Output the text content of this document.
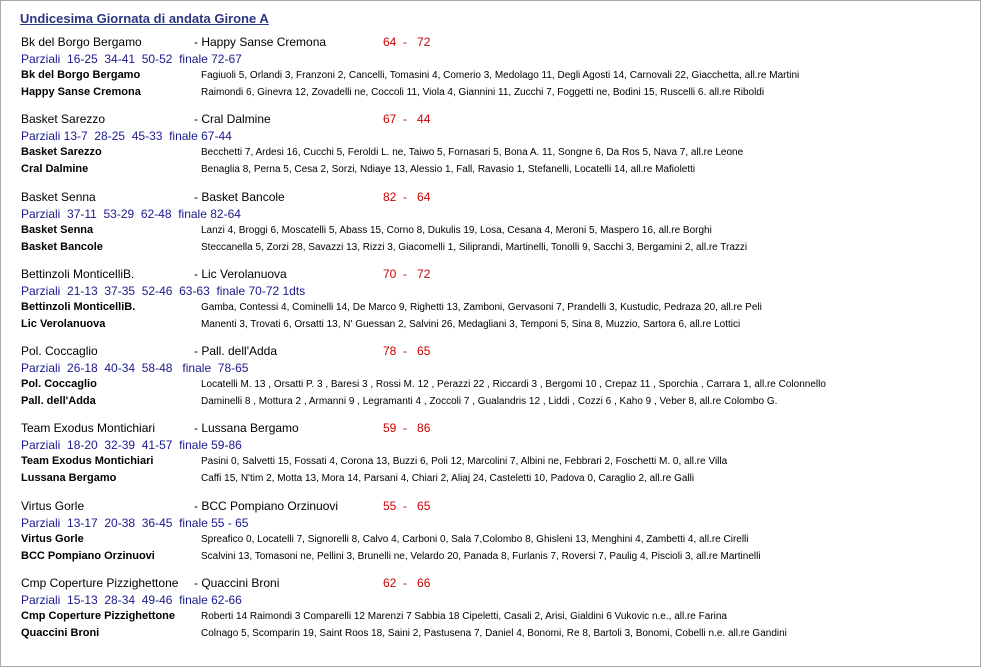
Undicesima Giornata di andata Girone A
Bk del Borgo Bergamo	- Happy Sanse Cremona	64  -   72
Parziali  16-25  34-41  50-52  finale 72-67
Bk del Borgo Bergamo	Fagiuoli 5, Orlandi 3, Franzoni 2, Cancelli, Tomasini 4, Comerio 3, Medolago 11, Degli Agosti 14, Carnovali 22, Giacchetta, all.re Martini
Happy Sanse Cremona	Raimondi 6, Ginevra 12, Zovadelli ne, Coccoli 11, Viola 4, Giannini 11, Zucchi 7, Foggetti ne, Bodini 15, Ruscelli 6. all.re Riboldi
Basket Sarezzo	- Cral Dalmine	67  -   44
Parziali 13-7  28-25  45-33  finale 67-44
Basket Sarezzo	Becchetti 7, Ardesi 16, Cucchi 5, Feroldi L. ne, Taiwo 5, Fornasari 5, Bona A. 11, Songne 6, Da Ros 5, Nava 7, all.re Leone
Cral Dalmine	Benaglia 8, Perna 5, Cesa 2, Sorzi, Ndiaye 13, Alessio 1, Fall, Ravasio 1, Stefanelli, Locatelli 14, all.re Mafioletti
Basket Senna	- Basket Bancole	82  -   64
Parziali  37-11  53-29  62-48  finale 82-64
Basket Senna	Lanzi 4, Broggi 6, Moscatelli 5, Abass 15, Corno 8, Dukulis 19, Losa, Cesana 4, Meroni 5, Maspero 16, all.re Borghi
Basket Bancole	Steccanella 5, Zorzi 28, Savazzi 13, Rizzi 3, Giacomelli 1, Siliprandi, Martinelli, Tonolli 9, Sacchi 3, Bergamini 2, all.re Trazzi
Bettinzoli MonticelliB.	- Lic Verolanuova	70  -   72
Parziali  21-13  37-35  52-46  63-63  finale 70-72 1dts
Bettinzoli MonticelliB.	Gamba, Contessi 4, Cominelli 14, De Marco 9, Righetti 13, Zamboni, Gervasoni 7, Prandelli 3, Kustudic, Pedraza 20, all.re Peli
Lic Verolanuova	Manenti 3, Trovati 6, Orsatti 13, N' Guessan 2, Salvini 26, Medagliani 3, Temponi 5, Sina 8, Muzzio, Sartora 6, all.re Lottici
Pol. Coccaglio	- Pall. dell'Adda	78  -   65
Parziali  26-18  40-34  58-48   finale  78-65
Pol. Coccaglio	Locatelli M. 13 , Orsatti P. 3 , Baresi 3 , Rossi M. 12 , Perazzi 22 , Riccardi 3 , Bergomi 10 , Crepaz 11 , Sporchia , Carrara 1, all.re Colonnello
Pall. dell'Adda	Daminelli 8 , Mottura 2 , Armanni 9 , Legramanti 4 , Zoccoli 7 , Gualandris 12 , Liddi , Cozzi 6 , Kaho 9 , Veber 8, all.re Colombo G.
Team Exodus Montichiari	- Lussana Bergamo	59  -   86
Parziali  18-20  32-39  41-57  finale 59-86
Team Exodus Montichiari	Pasini 0, Salvetti 15, Fossati 4, Corona 13, Buzzi 6, Poli 12, Marcolini 7, Albini ne, Febbrari 2, Foschetti M. 0, all.re Villa
Lussana Bergamo	Caffi 15, N'tim 2, Motta 13, Mora 14, Parsani 4, Chiari 2, Aliaj 24, Casteletti 10, Padova 0, Caraglio 2, all.re Galli
Virtus Gorle	- BCC Pompiano Orzinuovi	55  -   65
Parziali  13-17  20-38  36-45  finale 55 - 65
Virtus Gorle	Spreafico 0, Locatelli 7, Signorelli 8, Calvo 4, Carboni 0, Sala 7,Colombo 8, Ghisleni 13, Menghini 4, Zambetti 4, all.re Cirelli
BCC Pompiano Orzinuovi	Scalvini 13, Tomasoni ne, Pellini 3, Brunelli ne, Velardo 20, Panada 8, Furlanis 7, Roversi 7, Paulig 4, Piscioli 3, all.re Martinelli
Cmp Coperture Pizzighettone - Quaccini Broni	62  -   66
Parziali  15-13  28-34  49-46  finale 62-66
Cmp Coperture Pizzighettone	Roberti 14 Raimondi 3 Comparelli 12 Marenzi 7 Sabbia 18 Cipeletti, Casali 2, Arisi, Gialdini 6 Vukovic n.e., all.re Farina
Quaccini Broni	Colnago 5, Scomparin 19, Saint Roos 18, Saini 2, Pastusena 7, Daniel 4, Bonomi, Re 8, Bartoli 3, Bonomi, Cobelli n.e. all.re Gandini
